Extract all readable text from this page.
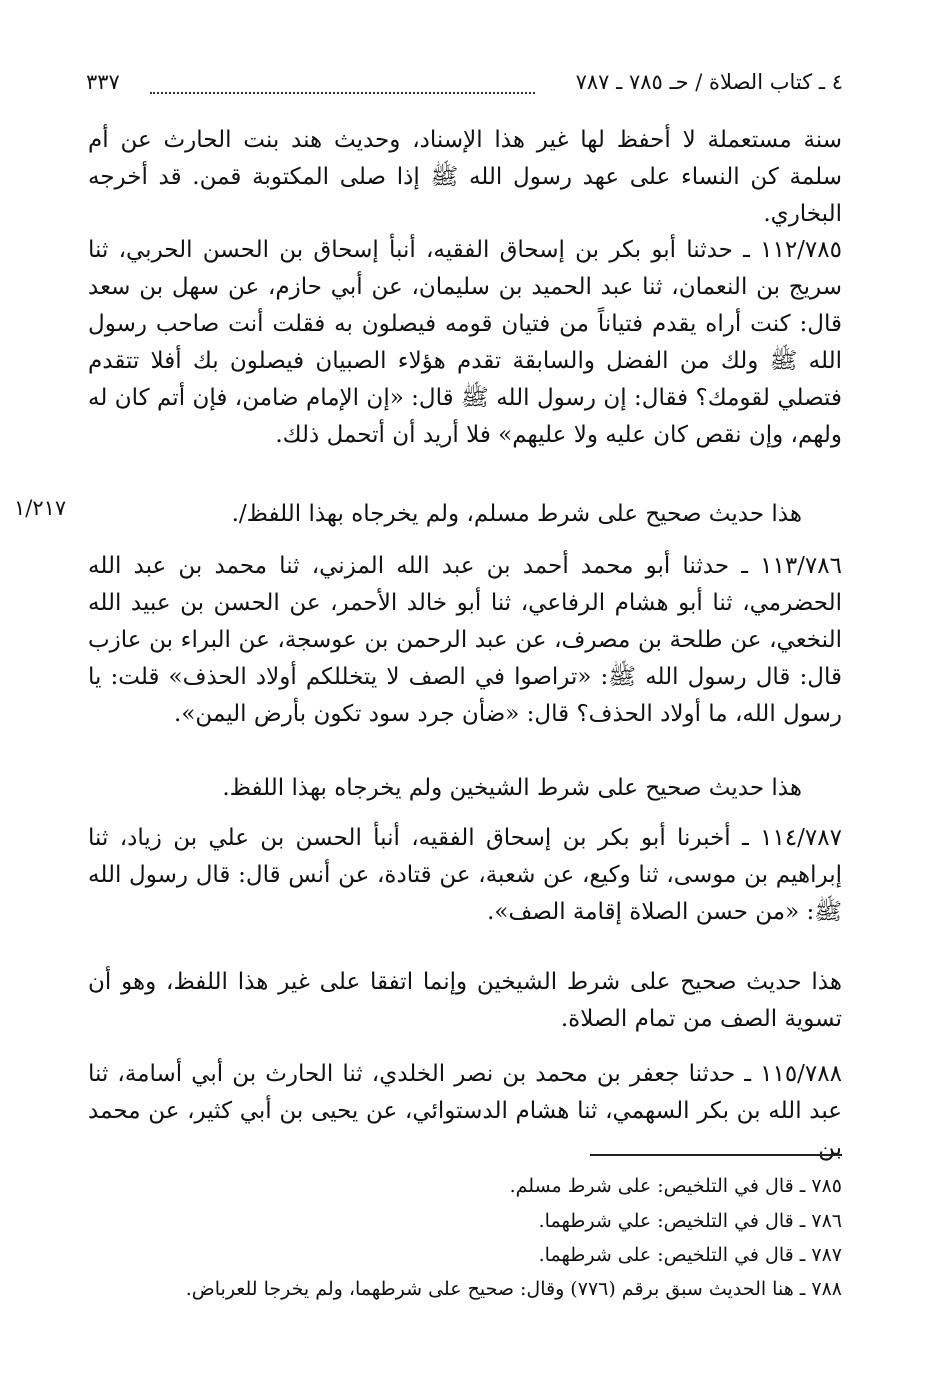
٤ ـ كتاب الصلاة / حـ ٧٨٥ ـ ٧٨٧
٣٣٧

سنة مستعملة لا أحفظ لها غير هذا الإسناد، وحديث هند بنت الحارث عن أم سلمة كن النساء على عهد رسول الله ﷺ إذا صلى المكتوبة قمن. قد أخرجه البخاري.

١١٢/٧٨٥ ـ حدثنا أبو بكر بن إسحاق الفقيه، أنبأ إسحاق بن الحسن الحربي، ثنا سريج بن النعمان، ثنا عبد الحميد بن سليمان، عن أبي حازم، عن سهل بن سعد قال: كنت أراه يقدم فتياناً من فتيان قومه فيصلون به فقلت أنت صاحب رسول الله ﷺ ولك من الفضل والسابقة تقدم هؤلاء الصبيان فيصلون بك أفلا تتقدم فتصلي لقومك؟ فقال: إن رسول الله ﷺ قال: «إن الإمام ضامن، فإن أتم كان له ولهم، وإن نقص كان عليه ولا عليهم» فلا أريد أن أتحمل ذلك.

١/٢١٧	هذا حديث صحيح على شرط مسلم، ولم يخرجاه بهذا اللفظ/.

١١٣/٧٨٦ ـ حدثنا أبو محمد أحمد بن عبد الله المزني، ثنا محمد بن عبد الله الحضرمي، ثنا أبو هشام الرفاعي، ثنا أبو خالد الأحمر، عن الحسن بن عبيد الله النخعي، عن طلحة بن مصرف، عن عبد الرحمن بن عوسجة، عن البراء بن عازب قال: قال رسول الله ﷺ: «تراصوا في الصف لا يتخللكم أولاد الحذف» قلت: يا رسول الله، ما أولاد الحذف؟ قال: «ضأن جرد سود تكون بأرض اليمن».

هذا حديث صحيح على شرط الشيخين ولم يخرجاه بهذا اللفظ.

١١٤/٧٨٧ ـ أخبرنا أبو بكر بن إسحاق الفقيه، أنبأ الحسن بن علي بن زياد، ثنا إبراهيم بن موسى، ثنا وكيع، عن شعبة، عن قتادة، عن أنس قال: قال رسول الله ﷺ: «من حسن الصلاة إقامة الصف».

هذا حديث صحيح على شرط الشيخين وإنما اتفقا على غير هذا اللفظ، وهو أن تسوية الصف من تمام الصلاة.

١١٥/٧٨٨ ـ حدثنا جعفر بن محمد بن نصر الخلدي، ثنا الحارث بن أبي أسامة، ثنا عبد الله بن بكر السهمي، ثنا هشام الدستوائي، عن يحيى بن أبي كثير، عن محمد بن

٧٨٥ ـ قال في التلخيص: على شرط مسلم.
٧٨٦ ـ قال في التلخيص: علي شرطهما.
٧٨٧ ـ قال في التلخيص: على شرطهما.
٧٨٨ ـ هنا الحديث سبق برقم (٧٧٦) وقال: صحيح على شرطهما، ولم يخرجا للعرباض.
